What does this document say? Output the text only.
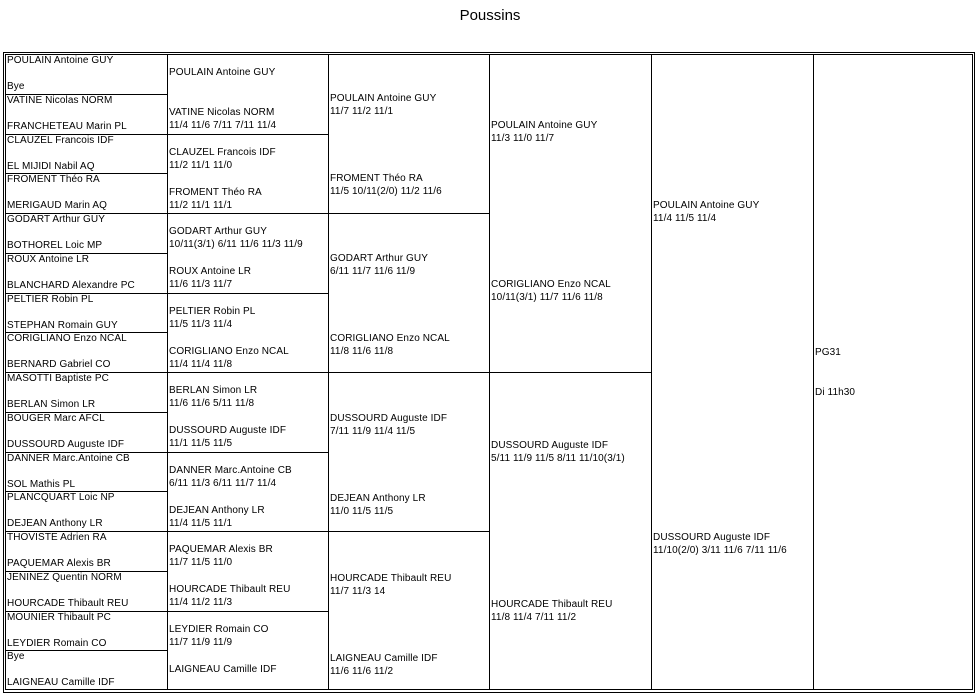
Poussins
POULAIN Antoine GUY
Bye
VATINE Nicolas NORM
FRANCHETEAU Marin PL
CLAUZEL Francois IDF
EL MIJIDI Nabil AQ
FROMENT Théo RA
MERIGAUD Marin AQ
GODART Arthur GUY
BOTHOREL Loic MP
ROUX Antoine LR
BLANCHARD Alexandre PC
PELTIER Robin PL
STEPHAN Romain GUY
CORIGLIANO Enzo NCAL
BERNARD Gabriel CO
MASOTTI Baptiste PC
BERLAN Simon LR
BOUGER Marc AFCL
DUSSOURD Auguste IDF
DANNER Marc.Antoine CB
SOL Mathis PL
PLANCQUART Loic NP
DEJEAN Anthony LR
THOVISTE Adrien RA
PAQUEMAR Alexis BR
JENINEZ Quentin NORM
HOURCADE Thibault REU
MOUNIER Thibault PC
LEYDIER Romain CO
Bye
LAIGNEAU Camille IDF
POULAIN Antoine GUY
VATINE Nicolas NORM
11/4 11/6 7/11 7/11 11/4
CLAUZEL Francois IDF
11/2 11/1 11/0
FROMENT Théo RA
11/2 11/1 11/1
GODART Arthur GUY
10/11(3/1) 6/11 11/6 11/3 11/9
ROUX Antoine LR
11/6 11/3 11/7
PELTIER Robin PL
11/5 11/3 11/4
CORIGLIANO Enzo NCAL
11/4 11/4 11/8
BERLAN Simon LR
11/6 11/6 5/11 11/8
DUSSOURD Auguste IDF
11/1 11/5 11/5
DANNER Marc.Antoine CB
6/11 11/3 6/11 11/7 11/4
DEJEAN Anthony LR
11/4 11/5 11/1
PAQUEMAR Alexis BR
11/7 11/5 11/0
HOURCADE Thibault REU
11/4 11/2 11/3
LEYDIER Romain CO
11/7 11/9 11/9
LAIGNEAU Camille IDF
POULAIN Antoine GUY
11/7 11/2 11/1
FROMENT Théo RA
11/5 10/11(2/0) 11/2 11/6
GODART Arthur GUY
6/11 11/7 11/6 11/9
CORIGLIANO Enzo NCAL
11/8 11/6 11/8
DUSSOURD Auguste IDF
7/11 11/9 11/4 11/5
DEJEAN Anthony LR
11/0 11/5 11/5
HOURCADE Thibault REU
11/7 11/3 14
LAIGNEAU Camille IDF
11/6 11/6 11/2
POULAIN Antoine GUY
11/3 11/0 11/7
CORIGLIANO Enzo NCAL
10/11(3/1) 11/7 11/6 11/8
DUSSOURD Auguste IDF
5/11 11/9 11/5 8/11 11/10(3/1)
HOURCADE Thibault REU
11/8 11/4 7/11 11/2
POULAIN Antoine GUY
11/4 11/5 11/4
DUSSOURD Auguste IDF
11/10(2/0) 3/11 11/6 7/11 11/6
PG31
Di 11h30
